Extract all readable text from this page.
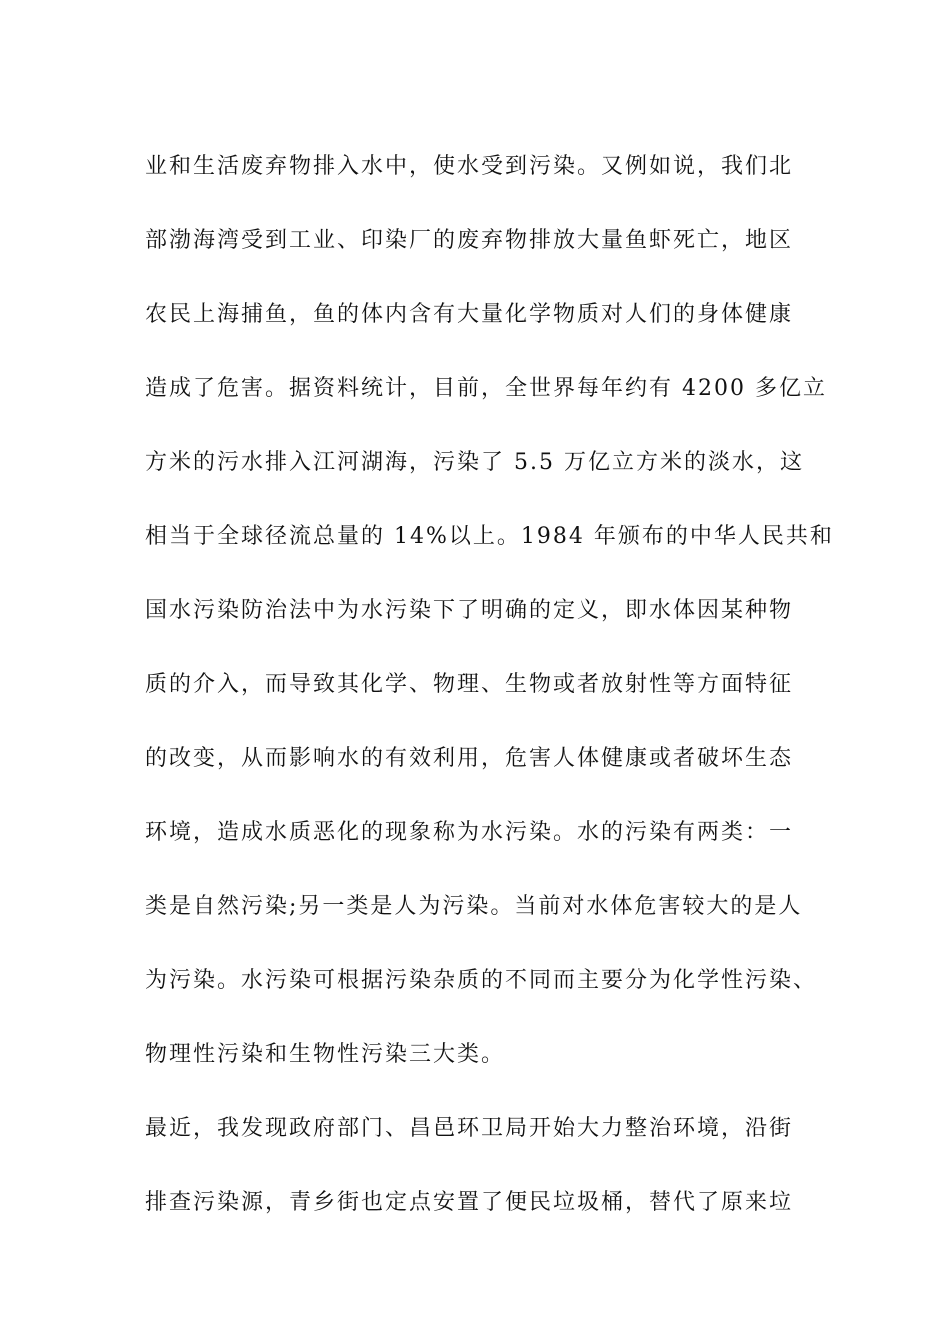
业和生活废弃物排入水中，使水受到污染。又例如说，我们北
部渤海湾受到工业、印染厂的废弃物排放大量鱼虾死亡，地区
农民上海捕鱼，鱼的体内含有大量化学物质对人们的身体健康
造成了危害。据资料统计，目前，全世界每年约有 4200 多亿立
方米的污水排入江河湖海，污染了 5.5 万亿立方米的淡水，这
相当于全球径流总量的 14%以上。1984 年颁布的中华人民共和
国水污染防治法中为水污染下了明确的定义，即水体因某种物
质的介入，而导致其化学、物理、生物或者放射性等方面特征
的改变，从而影响水的有效利用，危害人体健康或者破坏生态
环境，造成水质恶化的现象称为水污染。水的污染有两类：一
类是自然污染;另一类是人为污染。当前对水体危害较大的是人
为污染。水污染可根据污染杂质的不同而主要分为化学性污染、
物理性污染和生物性污染三大类。
最近，我发现政府部门、昌邑环卫局开始大力整治环境，沿街
排查污染源，青乡街也定点安置了便民垃圾桶，替代了原来垃
